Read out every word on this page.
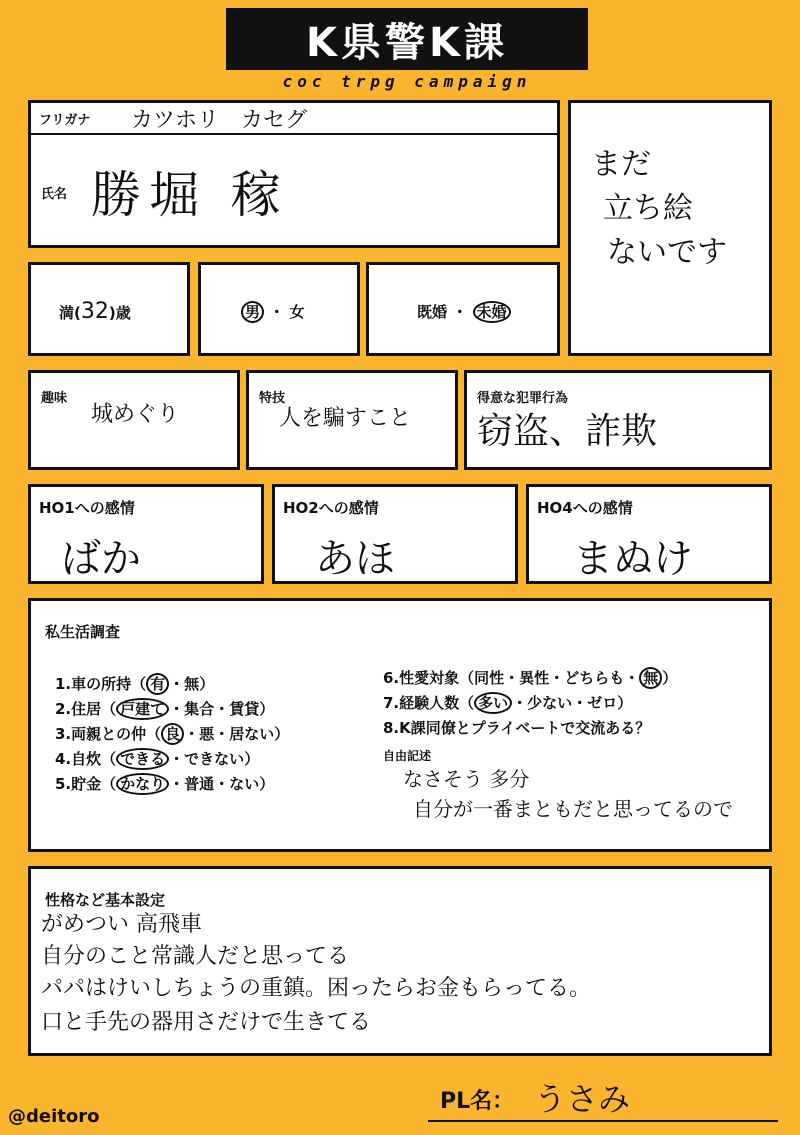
K県警K課
coc trpg campaign
フリガナ カツホリ　カセグ
氏名 勝堀 稼
まだ
立ち絵
ないです
満(32)歳	男 ・ 女	既婚 ・ 未婚
趣味
城めぐり
特技
人を騙すこと
得意な犯罪行為
窃盗、詐欺
HO1への感情
ばか
HO2への感情
あほ
HO4への感情
まぬけ
私生活調査
1.車の所持（ 有 ・無）
2.住居（ 戸建て ・集合・賃貸）
3.両親との仲（ 良 ・悪・居ない）
4.自炊（ できる ・できない）
5.貯金（ かなり ・普通・ない）
6.性愛対象（同性・異性・どちらも・ 無 ）
7.経験人数（ 多い ・少ない・ゼロ）
8.K課同僚とプライベートで交流ある？
自由記述
なさそう 多分
自分が一番まともだと思ってるので
性格など基本設定
がめつい 高飛車
自分のこと常識人だと思ってる
パパはけいしちょうの重鎮。困ったらお金もらってる。
口と手先の器用さだけで生きてる
@deitoro
PL名： うさみ
